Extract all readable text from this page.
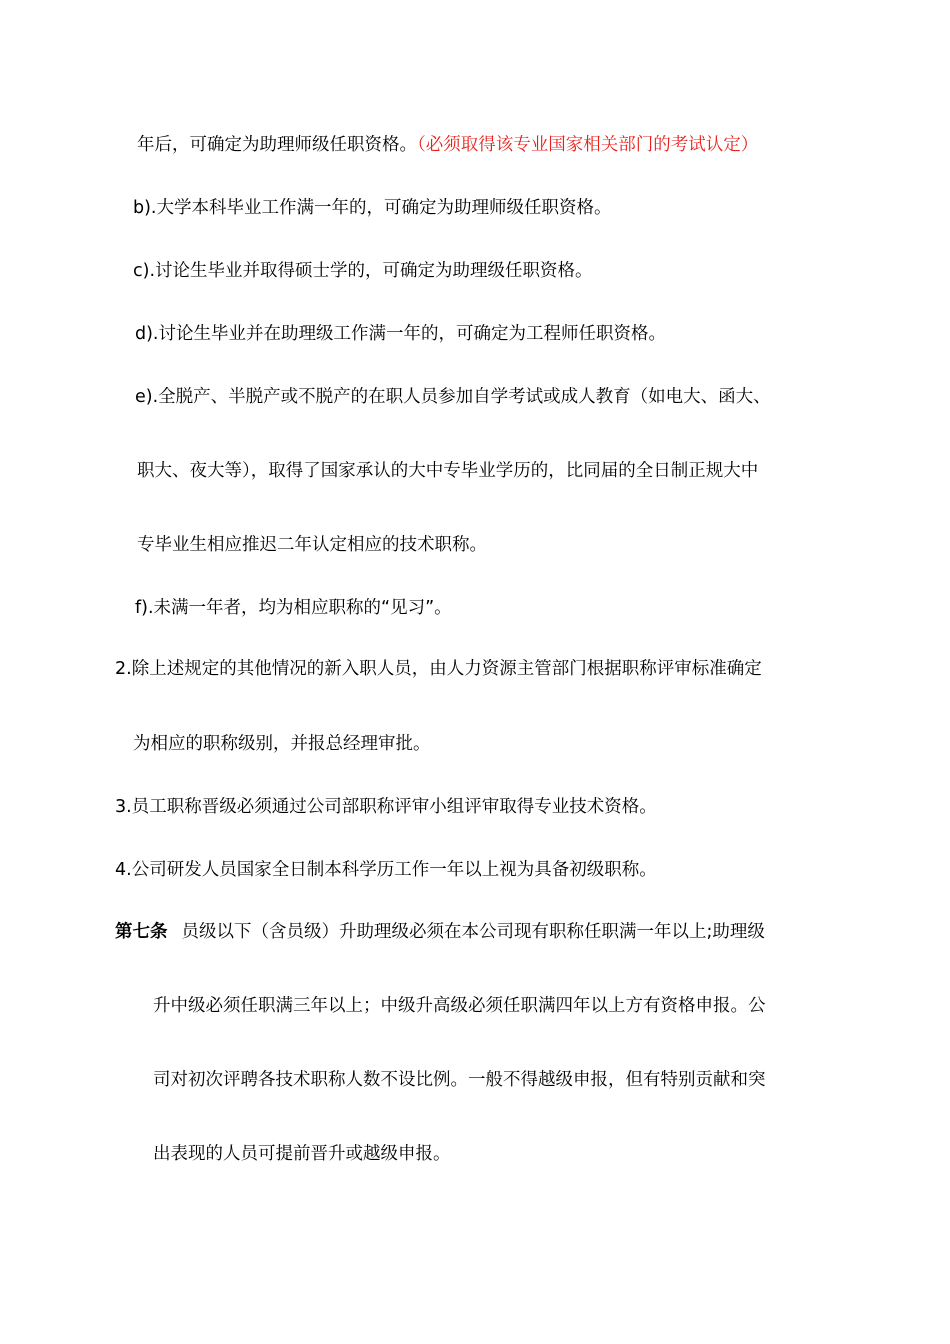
年后，可确定为助理师级任职资格。（必须取得该专业国家相关部门的考试认定）
b).大学本科毕业工作满一年的，可确定为助理师级任职资格。
c).讨论生毕业并取得硕士学的，可确定为助理级任职资格。
d).讨论生毕业并在助理级工作满一年的，可确定为工程师任职资格。
e).全脱产、半脱产或不脱产的在职人员参加自学考试或成人教育（如电大、函大、
职大、夜大等），取得了国家承认的大中专毕业学历的，比同届的全日制正规大中
专毕业生相应推迟二年认定相应的技术职称。
f).未满一年者，均为相应职称的“见习”。
2.除上述规定的其他情况的新入职人员，由人力资源主管部门根据职称评审标准确定
为相应的职称级别，并报总经理审批。
3.员工职称晋级必须通过公司部职称评审小组评审取得专业技术资格。
4.公司研发人员国家全日制本科学历工作一年以上视为具备初级职称。
第七条 员级以下（含员级）升助理级必须在本公司现有职称任职满一年以上;助理级
升中级必须任职满三年以上；中级升高级必须任职满四年以上方有资格申报。公
司对初次评聘各技术职称人数不设比例。一般不得越级申报，但有特别贡献和突
出表现的人员可提前晋升或越级申报。
